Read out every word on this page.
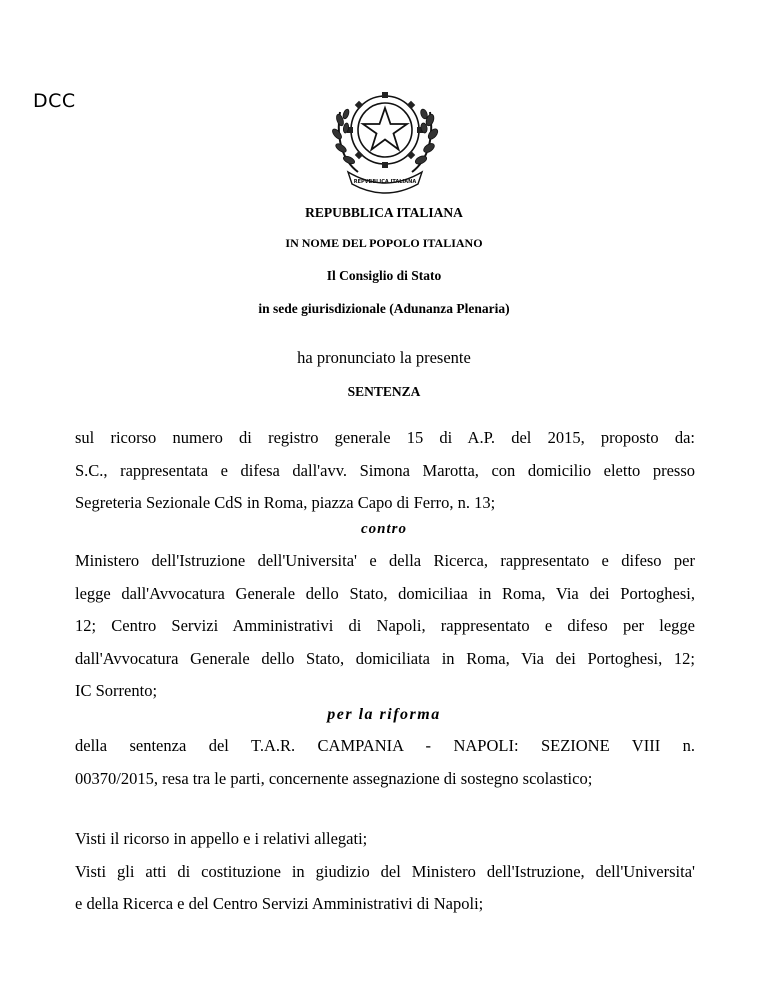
DCC
REPVBBLICA ITALIANA
REPUBBLICA ITALIANA
IN NOME DEL POPOLO ITALIANO
Il Consiglio di Stato
in sede giurisdizionale (Adunanza Plenaria)
ha pronunciato la presente
SENTENZA
sul ricorso numero di registro generale 15 di A.P. del 2015, proposto da:
S.C., rappresentata e difesa dall'avv. Simona Marotta, con domicilio eletto presso
Segreteria Sezionale CdS in Roma, piazza Capo di Ferro, n. 13;
contro
Ministero dell'Istruzione dell'Universita' e della Ricerca, rappresentato e difeso per
legge dall'Avvocatura Generale dello Stato, domiciliaa in Roma, Via dei Portoghesi,
12; Centro Servizi Amministrativi di Napoli, rappresentato e difeso per legge
dall'Avvocatura Generale dello Stato, domiciliata in Roma, Via dei Portoghesi, 12;
IC Sorrento;
per la riforma
della sentenza del T.A.R. CAMPANIA - NAPOLI: SEZIONE VIII n.
00370/2015, resa tra le parti, concernente assegnazione di sostegno scolastico;
Visti il ricorso in appello e i relativi allegati;
Visti gli atti di costituzione in giudizio del Ministero dell'Istruzione, dell'Universita'
e della Ricerca e del Centro Servizi Amministrativi di Napoli;
